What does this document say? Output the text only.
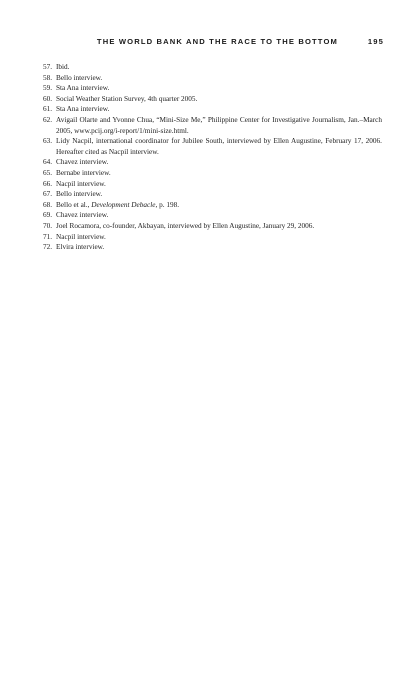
THE WORLD BANK AND THE RACE TO THE BOTTOM	195
57. Ibid.
58. Bello interview.
59. Sta Ana interview.
60. Social Weather Station Survey, 4th quarter 2005.
61. Sta Ana interview.
62. Avigail Olarte and Yvonne Chua, “Mini-Size Me,” Philippine Center for Investigative Journalism, Jan.–March 2005, www.pcij.org/i-report/1/mini-size.html.
63. Lidy Nacpil, international coordinator for Jubilee South, interviewed by Ellen Augustine, February 17, 2006. Hereafter cited as Nacpil interview.
64. Chavez interview.
65. Bernabe interview.
66. Nacpil interview.
67. Bello interview.
68. Bello et al., Development Debacle, p. 198.
69. Chavez interview.
70. Joel Rocamora, co-founder, Akbayan, interviewed by Ellen Augustine, January 29, 2006.
71. Nacpil interview.
72. Elvira interview.
